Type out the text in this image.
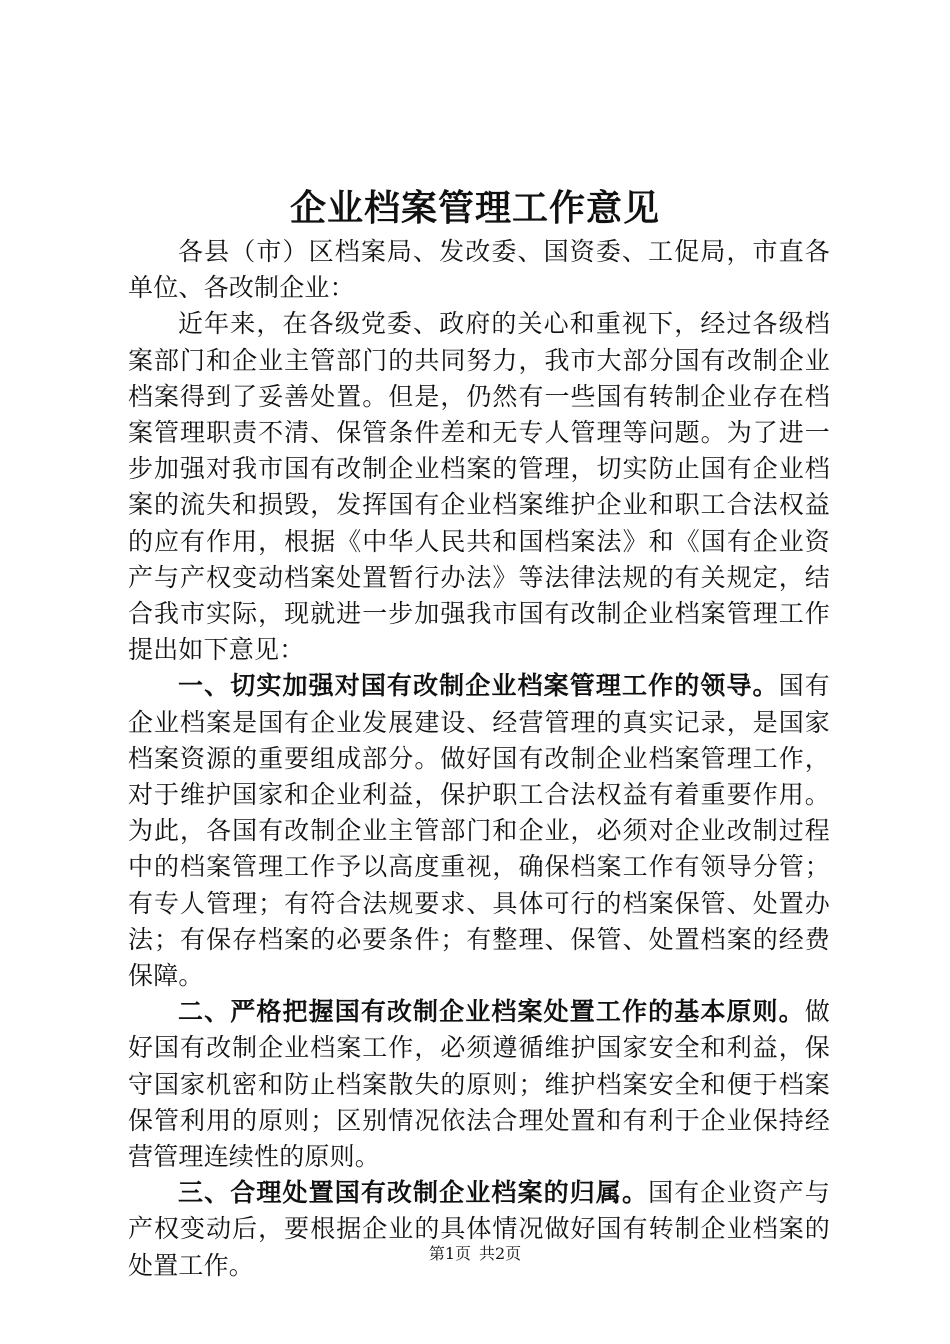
企业档案管理工作意见

各县（市）区档案局、发改委、国资委、工促局，市直各单位、各改制企业：

近年来，在各级党委、政府的关心和重视下，经过各级档案部门和企业主管部门的共同努力，我市大部分国有改制企业档案得到了妥善处置。但是，仍然有一些国有转制企业存在档案管理职责不清、保管条件差和无专人管理等问题。为了进一步加强对我市国有改制企业档案的管理，切实防止国有企业档案的流失和损毁，发挥国有企业档案维护企业和职工合法权益的应有作用，根据《中华人民共和国档案法》和《国有企业资产与产权变动档案处置暂行办法》等法律法规的有关规定，结合我市实际，现就进一步加强我市国有改制企业档案管理工作提出如下意见：

一、切实加强对国有改制企业档案管理工作的领导。国有企业档案是国有企业发展建设、经营管理的真实记录，是国家档案资源的重要组成部分。做好国有改制企业档案管理工作，对于维护国家和企业利益，保护职工合法权益有着重要作用。为此，各国有改制企业主管部门和企业，必须对企业改制过程中的档案管理工作予以高度重视，确保档案工作有领导分管；有专人管理；有符合法规要求、具体可行的档案保管、处置办法；有保存档案的必要条件；有整理、保管、处置档案的经费保障。

二、严格把握国有改制企业档案处置工作的基本原则。做好国有改制企业档案工作，必须遵循维护国家安全和利益，保守国家机密和防止档案散失的原则；维护档案安全和便于档案保管利用的原则；区别情况依法合理处置和有利于企业保持经营管理连续性的原则。

三、合理处置国有改制企业档案的归属。国有企业资产与产权变动后，要根据企业的具体情况做好国有转制企业档案的处置工作。	第1页 共2页
